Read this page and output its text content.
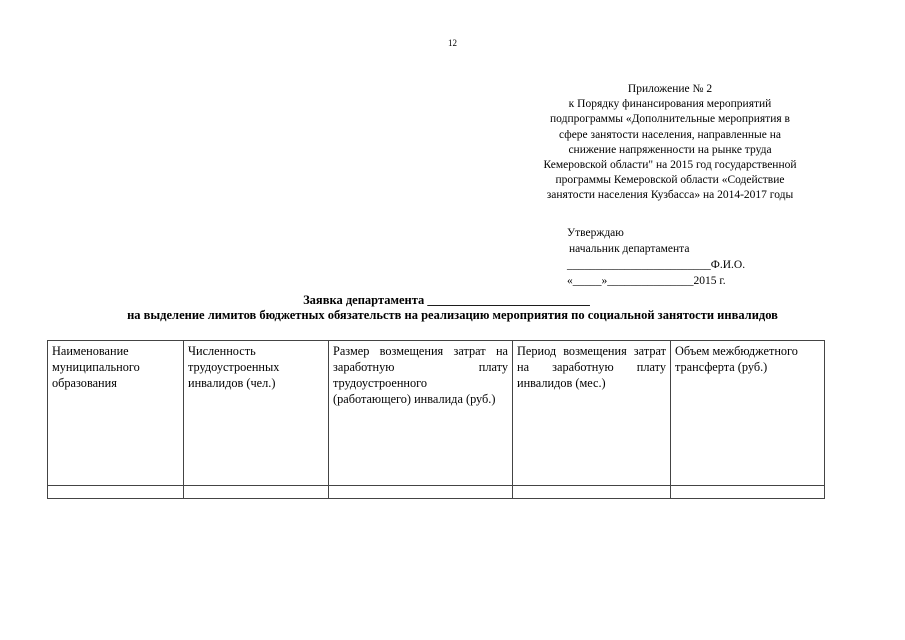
12
Приложение № 2
к Порядку финансирования мероприятий
подпрограммы «Дополнительные мероприятия в
сфере занятости населения, направленные на
снижение напряженности на рынке труда
Кемеровской области" на 2015 год государственной
программы Кемеровской области «Содействие
занятости населения Кузбасса» на 2014-2017 годы
Утверждаю
начальник департамента
_________________________Ф.И.О.
«_____»_______________2015 г.
Заявка департамента __________________________
на выделение лимитов бюджетных обязательств на реализацию мероприятия по социальной занятости инвалидов
Наименование муниципального образования	Численность трудоустроенных инвалидов (чел.)	Размер возмещения затрат на заработную плату трудоустроенного (работающего) инвалида (руб.)	Период возмещения затрат на заработную плату инвалидов (мес.)	Объем межбюджетного трансферта (руб.)
